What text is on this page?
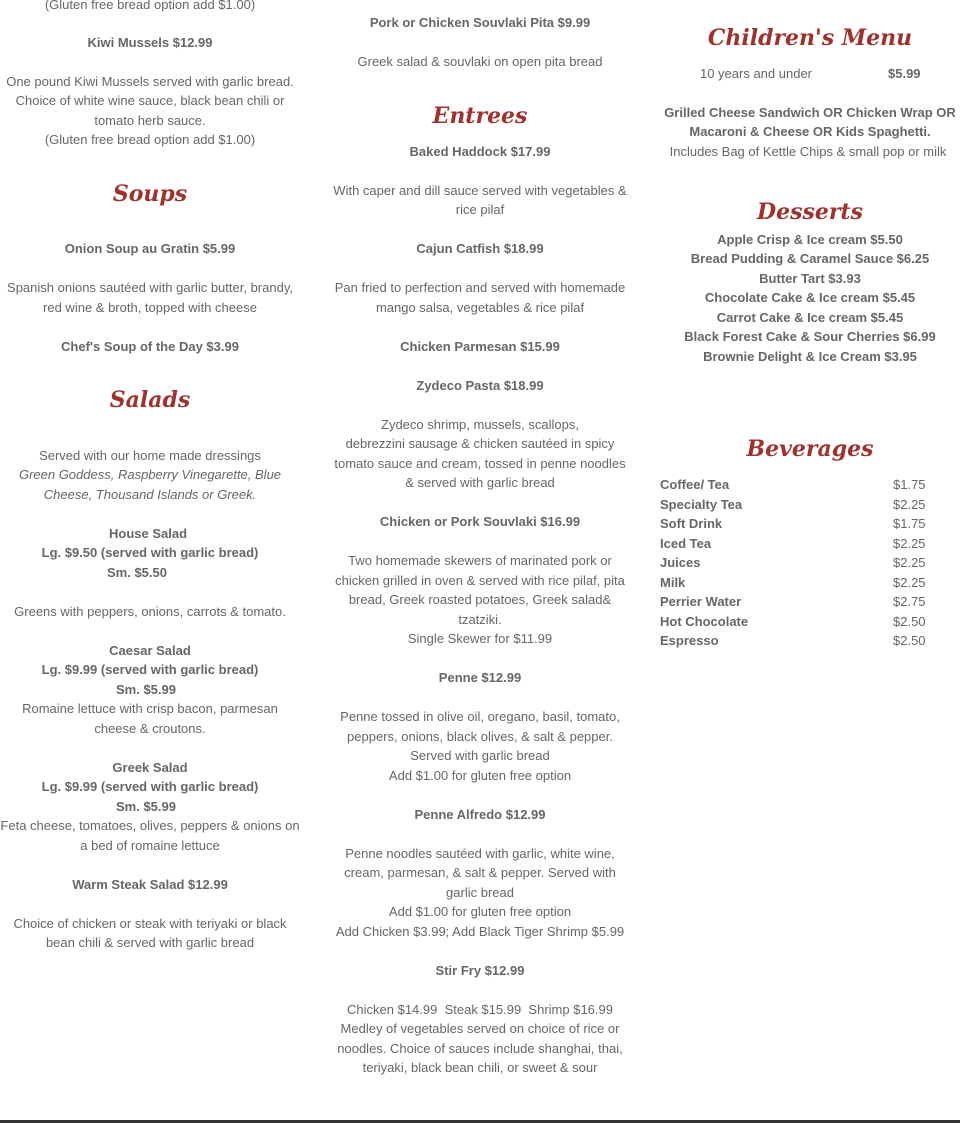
(Gluten free bread option add $1.00)

Kiwi Mussels $12.99

One pound Kiwi Mussels served with garlic bread.

Choice of white wine sauce, black bean chili or

tomato herb sauce.

(Gluten free bread option add $1.00)

Soups

Onion Soup au Gratin $5.99

Spanish onions sautéed with garlic butter, brandy,

red wine & broth, topped with cheese

Chef's Soup of the Day $3.99

Salads

Served with our home made dressings

Green Goddess, Raspberry Vinegarette, Blue

Cheese, Thousand Islands or Greek.

House Salad

Lg. $9.50 (served with garlic bread)

Sm. $5.50

Greens with peppers, onions, carrots & tomato.

Caesar Salad

Lg. $9.99 (served with garlic bread)

Sm. $5.99

Romaine lettuce with crisp bacon, parmesan

cheese & croutons.

Greek Salad

Lg. $9.99 (served with garlic bread)

Sm. $5.99

Feta cheese, tomatoes, olives, peppers & onions on

a bed of romaine lettuce

Warm Steak Salad $12.99

Choice of chicken or steak with teriyaki or black

bean chili & served with garlic bread

Pork or Chicken Souvlaki Pita $9.99

Greek salad & souvlaki on open pita bread

Entrees

Baked Haddock $17.99

With caper and dill sauce served with vegetables &

rice pilaf

Cajun Catfish $18.99

Pan fried to perfection and served with homemade

mango salsa, vegetables & rice pilaf

Chicken Parmesan $15.99

Zydeco Pasta $18.99

Zydeco shrimp, mussels, scallops,

debrezzini sausage & chicken sautéed in spicy

tomato sauce and cream, tossed in penne noodles

& served with garlic bread

Chicken or Pork Souvlaki $16.99

Two homemade skewers of marinated pork or

chicken grilled in oven & served with rice pilaf, pita

bread, Greek roasted potatoes, Greek salad&

tzatziki.

Single Skewer for $11.99

Penne $12.99

Penne tossed in olive oil, oregano, basil, tomato,

peppers, onions, black olives, & salt & pepper.

Served with garlic bread

Add $1.00 for gluten free option

Penne Alfredo $12.99

Penne noodles sautéed with garlic, white wine,

cream, parmesan, & salt & pepper. Served with

garlic bread

Add $1.00 for gluten free option

Add Chicken $3.99; Add Black Tiger Shrimp $5.99

Stir Fry $12.99

Chicken $14.99  Steak $15.99  Shrimp $16.99

Medley of vegetables served on choice of rice or

noodles. Choice of sauces include shanghai, thai,

teriyaki, black bean chili, or sweet & sour

Children's Menu

10 years and under	$5.99

Grilled Cheese Sandwich OR Chicken Wrap OR

Macaroni & Cheese OR Kids Spaghetti.

Includes Bag of Kettle Chips & small pop or milk

Desserts

Apple Crisp & Ice cream $5.50

Bread Pudding & Caramel Sauce $6.25

Butter Tart $3.93

Chocolate Cake & Ice cream $5.45

Carrot Cake & Ice cream $5.45

Black Forest Cake & Sour Cherries $6.99

Brownie Delight & Ice Cream $3.95

Beverages
Coffee/ Tea	$1.75
Specialty Tea	$2.25
Soft Drink	$1.75
Iced Tea	$2.25
Juices	$2.25
Milk	$2.25
Perrier Water	$2.75
Hot Chocolate	$2.50
Espresso	$2.50
